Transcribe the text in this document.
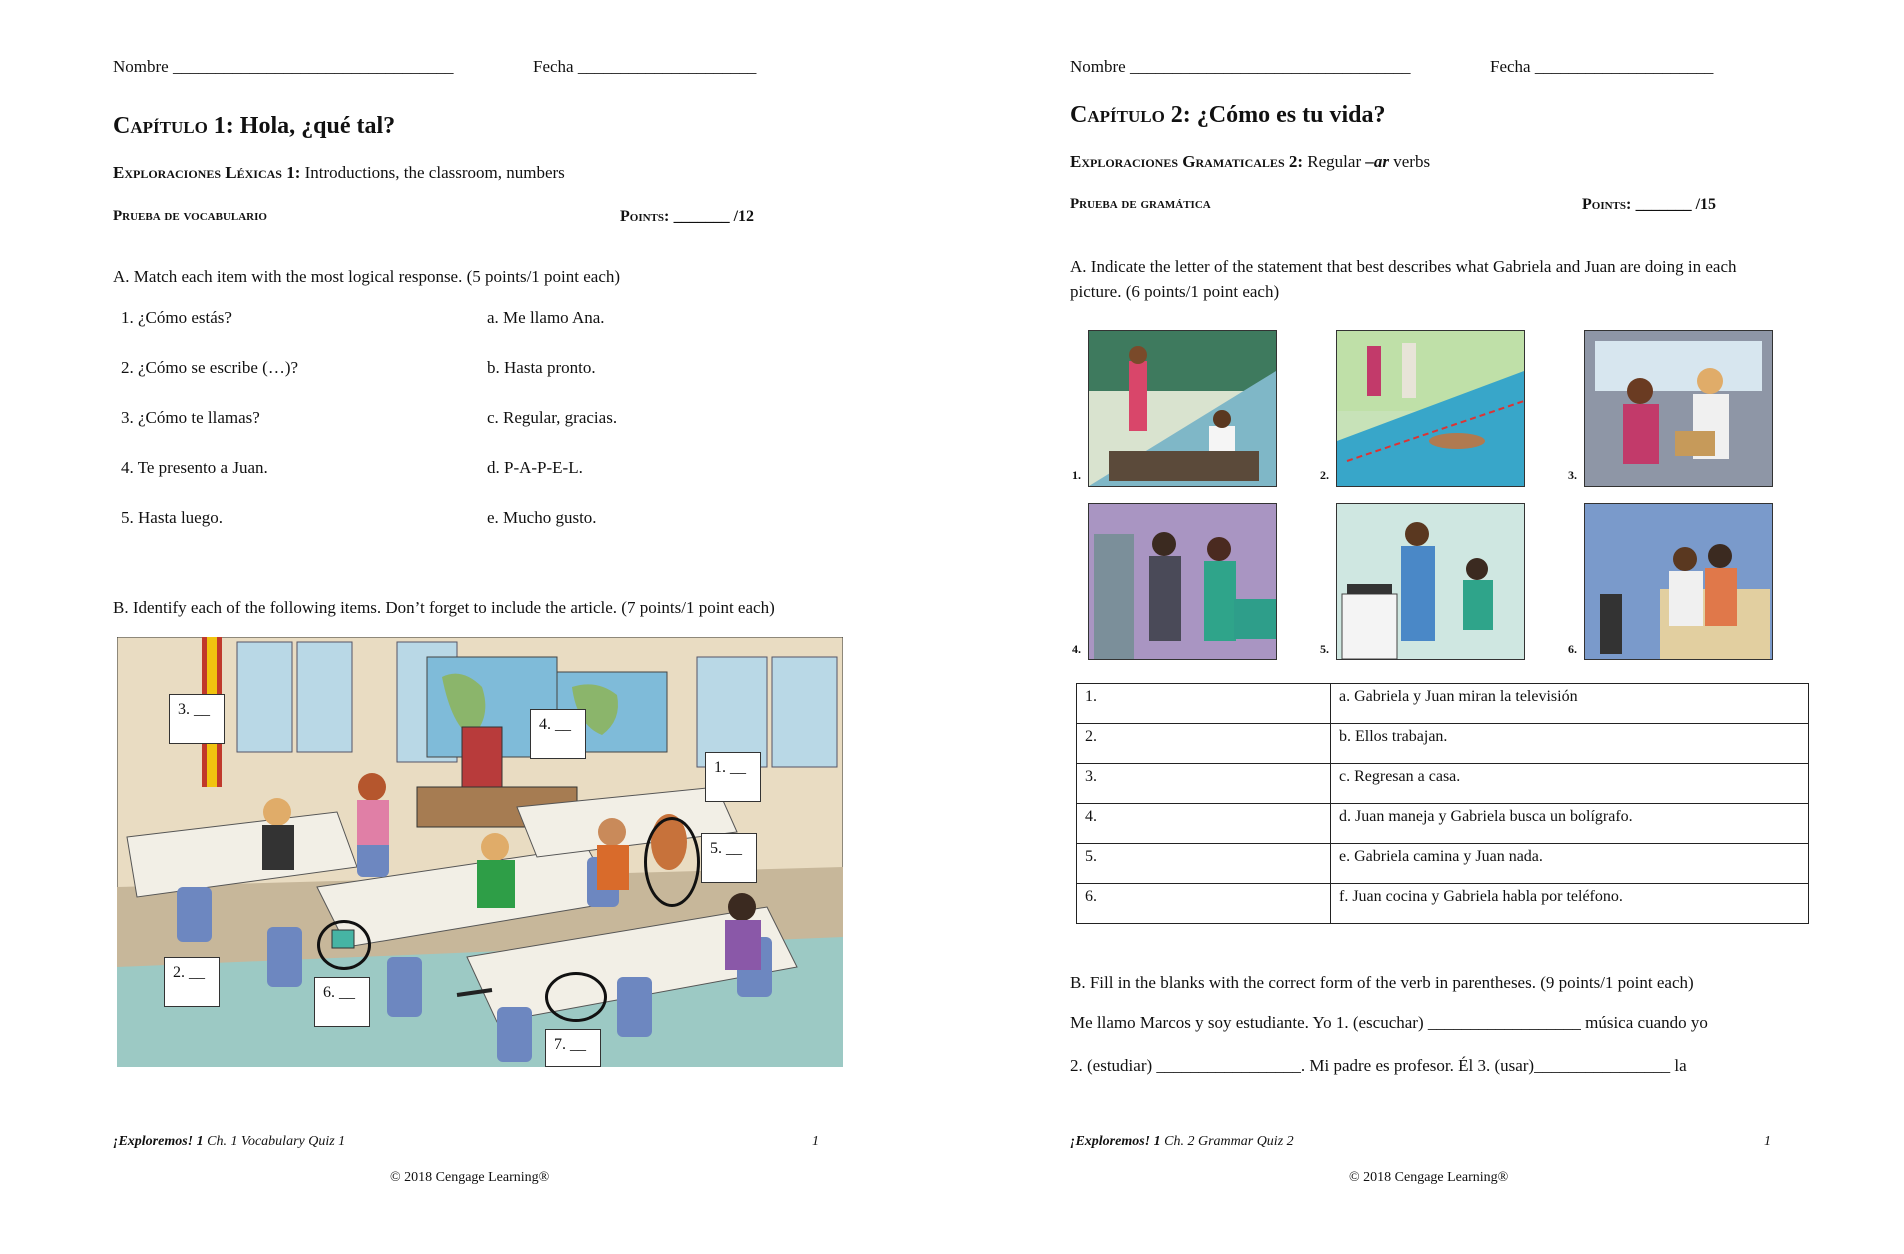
Nombre _________________________________	Fecha _____________________
Capítulo 1: Hola, ¿qué tal?
Exploraciones Léxicas 1: Introductions, the classroom, numbers
Prueba de vocabulario	Points: _______ /12
A. Match each item with the most logical response. (5 points/1 point each)
1. ¿Cómo estás?	a. Me llamo Ana.
2. ¿Cómo se escribe (…)?	b. Hasta pronto.
3. ¿Cómo te llamas?	c. Regular, gracias.
4. Te presento a Juan.	d. P-A-P-E-L.
5. Hasta luego.	e. Mucho gusto.
B. Identify each of the following items. Don’t forget to include the article. (7 points/1 point each)
3. __
4. __
1. __
5. __
2. __
6. __
7. __
¡Exploremos! 1 Ch. 1 Vocabulary Quiz 1	1
© 2018 Cengage Learning®
Nombre _________________________________	Fecha _____________________
Capítulo 2: ¿Cómo es tu vida?
Exploraciones Gramaticales 2: Regular –ar verbs
Prueba de gramática	Points: _______ /15
A. Indicate the letter of the statement that best describes what Gabriela and Juan are doing in each
picture. (6 points/1 point each)
1.	2.	3.
4.	5.	6.
1.	a. Gabriela y Juan miran la televisión
2.	b. Ellos trabajan.
3.	c. Regresan a casa.
4.	d. Juan maneja y Gabriela busca un bolígrafo.
5.	e. Gabriela camina y Juan nada.
6.	f. Juan cocina y Gabriela habla por teléfono.
B. Fill in the blanks with the correct form of the verb in parentheses. (9 points/1 point each)
Me llamo Marcos y soy estudiante. Yo 1. (escuchar) __________________ música cuando yo
2. (estudiar) _________________. Mi padre es profesor. Él 3. (usar)________________ la
¡Exploremos! 1 Ch. 2 Grammar Quiz 2	1
© 2018 Cengage Learning®
